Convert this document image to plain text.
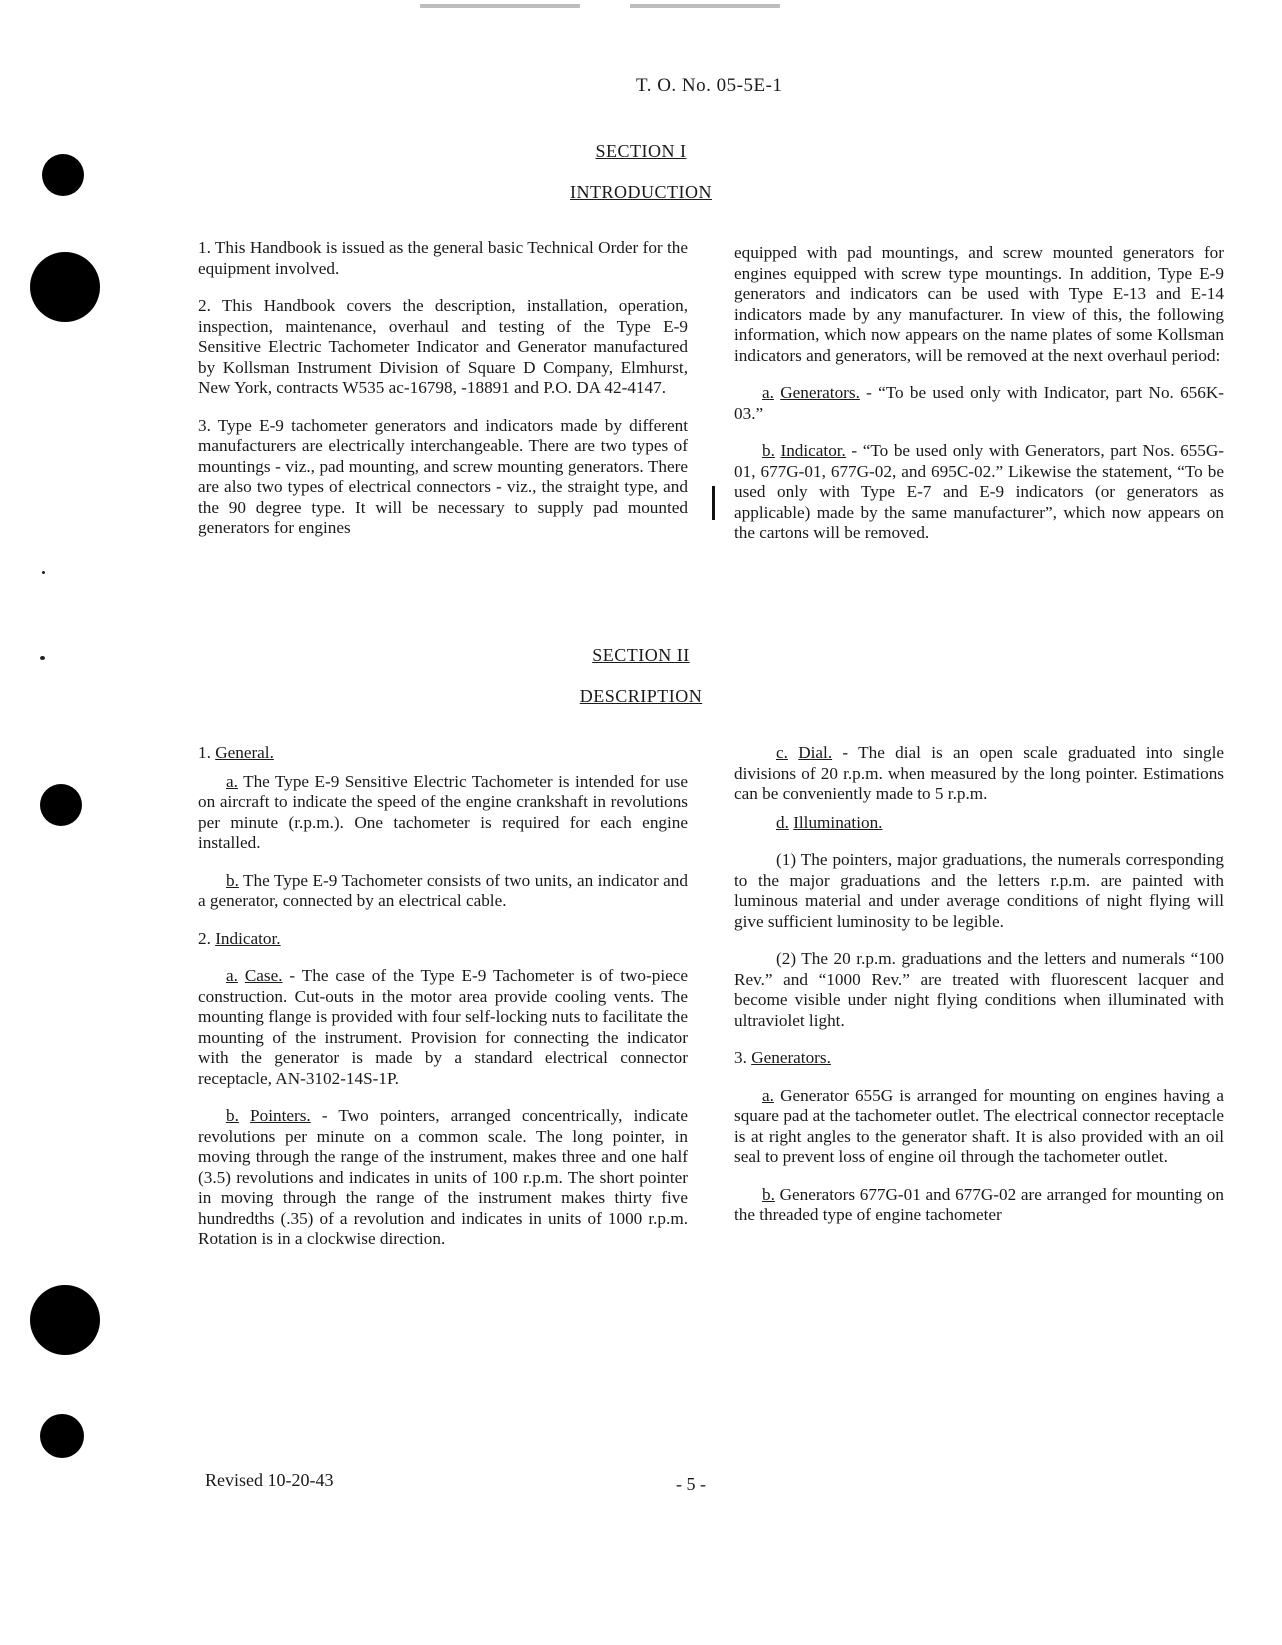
T. O. No. 05-5E-1
SECTION I
INTRODUCTION

1. This Handbook is issued as the general basic Technical Order for the equipment involved.

2. This Handbook covers the description, installation, operation, inspection, maintenance, overhaul and testing of the Type E-9 Sensitive Electric Tachometer Indicator and Generator manufactured by Kollsman Instrument Division of Square D Company, Elmhurst, New York, contracts W535 ac-16798, -18891 and P.O. DA 42-4147.

3. Type E-9 tachometer generators and indicators made by different manufacturers are electrically interchangeable. There are two types of mountings - viz., pad mounting, and screw mounting generators. There are also two types of electrical connectors - viz., the straight type, and the 90 degree type. It will be necessary to supply pad mounted generators for engines

equipped with pad mountings, and screw mounted generators for engines equipped with screw type mountings. In addition, Type E-9 generators and indicators can be used with Type E-13 and E-14 indicators made by any manufacturer. In view of this, the following information, which now appears on the name plates of some Kollsman indicators and generators, will be removed at the next overhaul period:

a. Generators. - “To be used only with Indicator, part No. 656K-03.”

b. Indicator. - “To be used only with Generators, part Nos. 655G-01, 677G-01, 677G-02, and 695C-02.” Likewise the statement, “To be used only with Type E-7 and E-9 indicators (or generators as applicable) made by the same manufacturer”, which now appears on the cartons will be removed.

SECTION II
DESCRIPTION

1. General.

a. The Type E-9 Sensitive Electric Tachometer is intended for use on aircraft to indicate the speed of the engine crankshaft in revolutions per minute (r.p.m.). One tachometer is required for each engine installed.

b. The Type E-9 Tachometer consists of two units, an indicator and a generator, connected by an electrical cable.

2. Indicator.

a. Case. - The case of the Type E-9 Tachometer is of two-piece construction. Cut-outs in the motor area provide cooling vents. The mounting flange is provided with four self-locking nuts to facilitate the mounting of the instrument. Provision for connecting the indicator with the generator is made by a standard electrical connector receptacle, AN-3102-14S-1P.

b. Pointers. - Two pointers, arranged concentrically, indicate revolutions per minute on a common scale. The long pointer, in moving through the range of the instrument, makes three and one half (3.5) revolutions and indicates in units of 100 r.p.m. The short pointer in moving through the range of the instrument makes thirty five hundredths (.35) of a revolution and indicates in units of 1000 r.p.m. Rotation is in a clockwise direction.

c. Dial. - The dial is an open scale graduated into single divisions of 20 r.p.m. when measured by the long pointer. Estimations can be conveniently made to 5 r.p.m.

d. Illumination.

(1) The pointers, major graduations, the numerals corresponding to the major graduations and the letters r.p.m. are painted with luminous material and under average conditions of night flying will give sufficient luminosity to be legible.

(2) The 20 r.p.m. graduations and the letters and numerals “100 Rev.” and “1000 Rev.” are treated with fluorescent lacquer and become visible under night flying conditions when illuminated with ultraviolet light.

3. Generators.

a. Generator 655G is arranged for mounting on engines having a square pad at the tachometer outlet. The electrical connector receptacle is at right angles to the generator shaft. It is also provided with an oil seal to prevent loss of engine oil through the tachometer outlet.

b. Generators 677G-01 and 677G-02 are arranged for mounting on the threaded type of engine tachometer

Revised 10-20-43	- 5 -
